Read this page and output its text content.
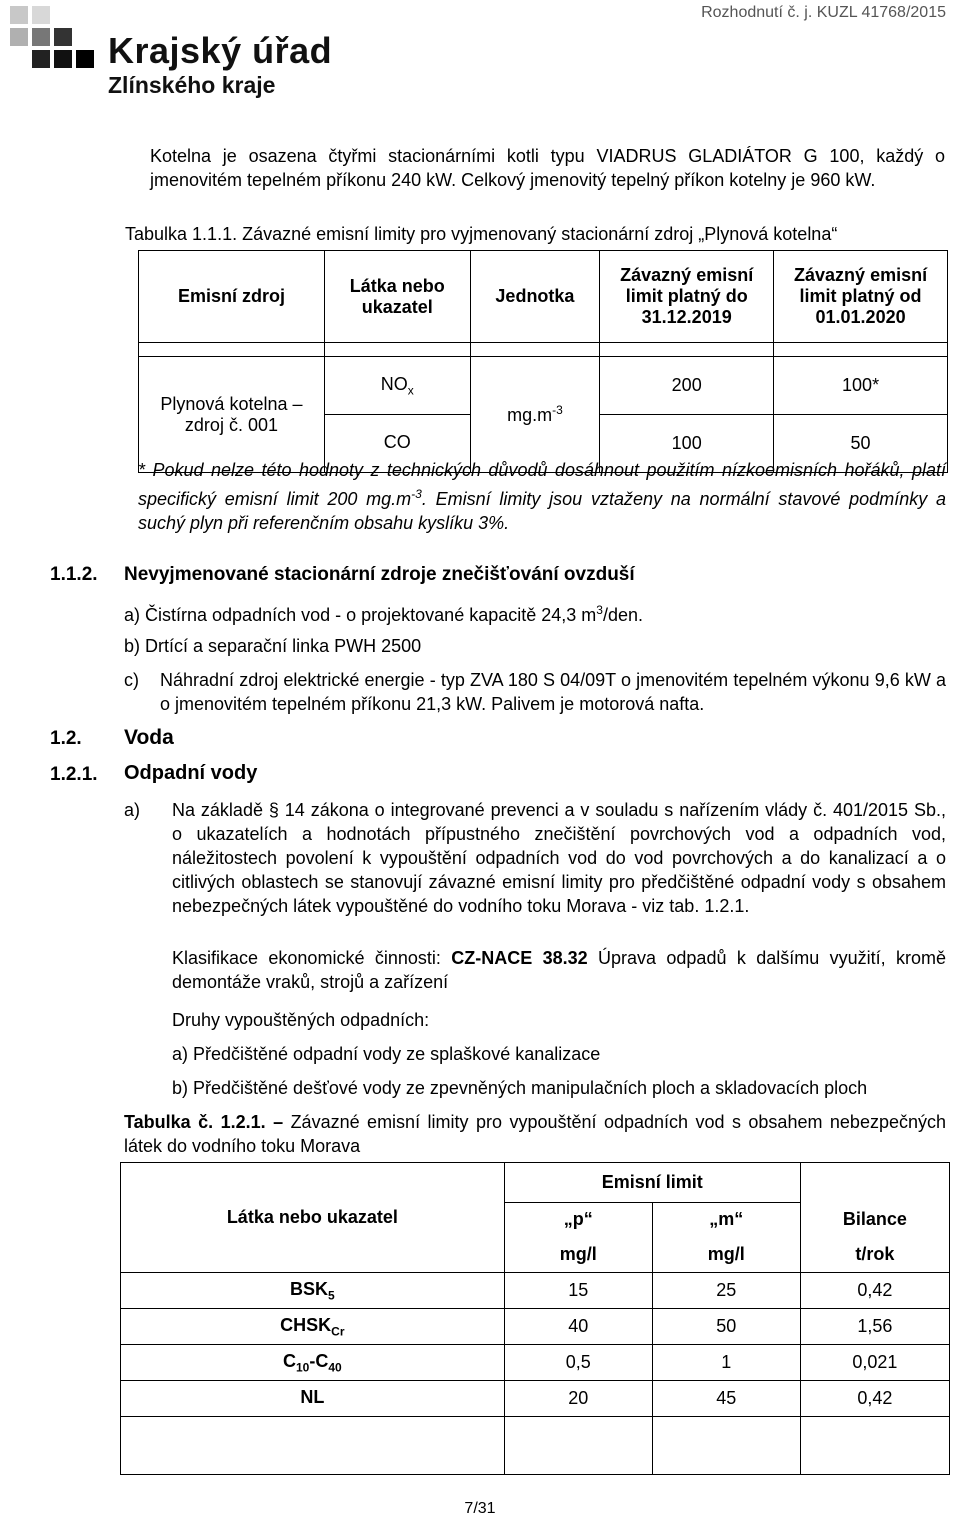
Rozhodnutí č. j. KUZL 41768/2015
Krajský úřad
Zlínského kraje
Kotelna je osazena čtyřmi stacionárními kotli typu VIADRUS GLADIÁTOR G 100, každý o jmenovitém tepelném příkonu 240 kW. Celkový jmenovitý tepelný příkon kotelny je 960 kW.
Tabulka 1.1.1. Závazné emisní limity pro vyjmenovaný stacionární zdroj „Plynová kotelna“
Emisní zdroj	Látka nebo ukazatel	Jednotka	Závazný emisní limit platný do 31.12.2019	Závazný emisní limit platný od 01.01.2020

Plynová kotelna – zdroj č. 001	$NO_x$	$mg.m^{-3}$	200	100*
	CO		100	50
* Pokud nelze této hodnoty z technických důvodů dosáhnout použitím nízkoemisních hořáků, platí specifický emisní limit 200 $mg.m^{-3}$. Emisní limity jsou vztaženy na normální stavové podmínky a suchý plyn při referenčním obsahu kyslíku 3%.
1.1.2. Nevyjmenované stacionární zdroje znečišťování ovzduší
a) Čistírna odpadních vod - o projektované kapacitě 24,3 $m^3$/den.
b) Drtící a separační linka PWH 2500
c) Náhradní zdroj elektrické energie - typ ZVA 180 S 04/09T o jmenovitém tepelném výkonu 9,6 kW a o jmenovitém tepelném příkonu 21,3 kW. Palivem je motorová nafta.
1.2. Voda
1.2.1. Odpadní vody
a) Na základě § 14 zákona o integrované prevenci a v souladu s nařízením vlády č. 401/2015 Sb., o ukazatelích a hodnotách přípustného znečištění povrchových vod a odpadních vod, náležitostech povolení k vypouštění odpadních vod do vod povrchových a do kanalizací a o citlivých oblastech se stanovují závazné emisní limity pro předčištěné odpadní vody s obsahem nebezpečných látek vypouštěné do vodního toku Morava - viz tab. 1.2.1.
Klasifikace ekonomické činnosti: CZ-NACE 38.32 Úprava odpadů k dalšímu využití, kromě demontáže vraků, strojů a zařízení
Druhy vypouštěných odpadních:
a) Předčištěné odpadní vody ze splaškové kanalizace
b) Předčištěné dešťové vody ze zpevněných manipulačních ploch a skladovacích ploch
Tabulka č. 1.2.1. – Závazné emisní limity pro vypouštění odpadních vod s obsahem nebezpečných látek do vodního toku Morava
Látka nebo ukazatel	Emisní limit		
	„p“	„m“	Bilance
	mg/l	mg/l	t/rok
$BSK_5$	15	25	0,42
$CHSK_{Cr}$	40	50	1,56
$C_{10}-C_{40}$	0,5	1	0,021
NL	20	45	0,42

7/31
